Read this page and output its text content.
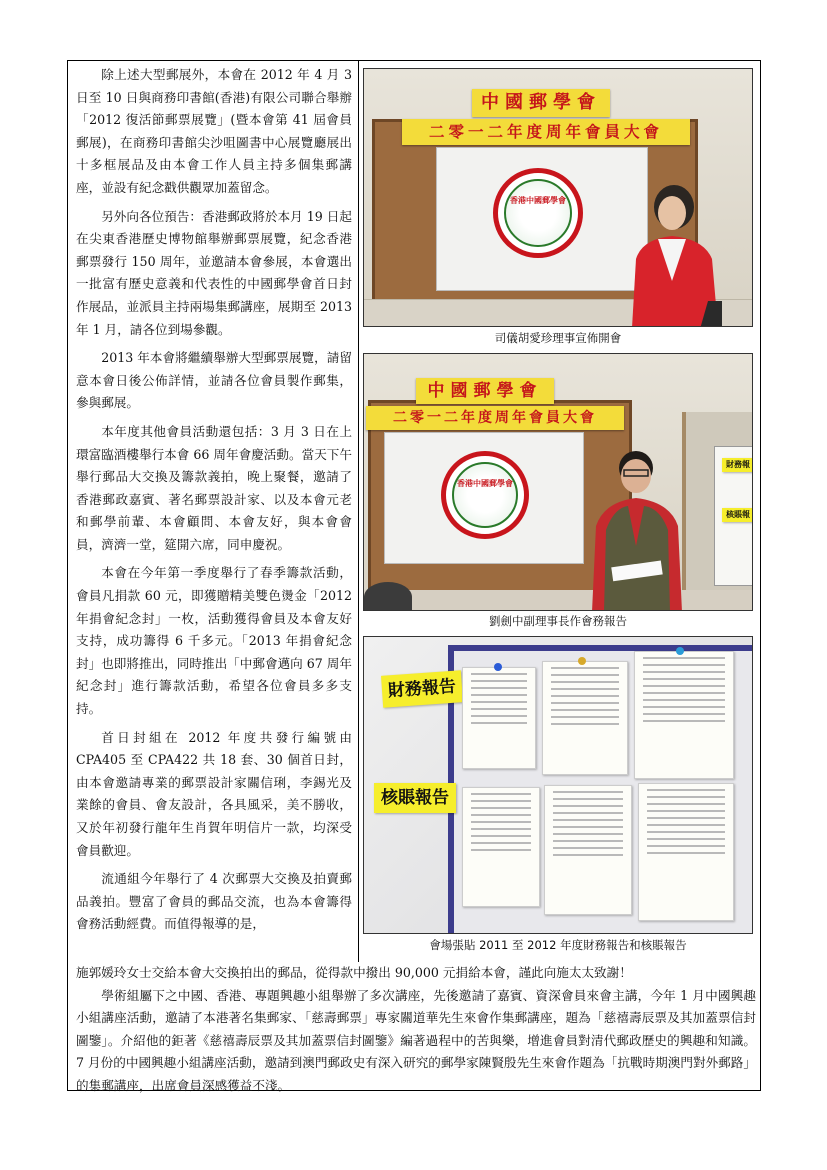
除上述大型郵展外，本會在 2012 年 4 月 3 日至 10 日與商務印書館(香港)有限公司聯合舉辦「2012 復活節郵票展覽」(暨本會第 41 屆會員郵展)，在商務印書館尖沙咀圖書中心展覽廳展出十多框展品及由本會工作人員主持多個集郵講座，並設有紀念戳供觀眾加蓋留念。

另外向各位預告：香港郵政將於本月 19 日起在尖東香港歷史博物館舉辦郵票展覽，紀念香港郵票發行 150 周年，並邀請本會參展，本會選出一批富有歷史意義和代表性的中國郵學會首日封作展品，並派員主持兩場集郵講座，展期至 2013 年 1 月，請各位到場參觀。

2013 年本會將繼續舉辦大型郵票展覽，請留意本會日後公佈詳情，並請各位會員製作郵集，參與郵展。

本年度其他會員活動還包括：3 月 3 日在上環富臨酒樓舉行本會 66 周年會慶活動。當天下午舉行郵品大交換及籌款義拍，晚上聚餐，邀請了香港郵政嘉賓、著名郵票設計家、以及本會元老和郵學前輩、本會顧問、本會友好，與本會會員，濟濟一堂，筵開六席，同申慶祝。

本會在今年第一季度舉行了春季籌款活動，會員凡捐款 60 元，即獲贈精美雙色燙金「2012 年捐會紀念封」一枚，活動獲得會員及本會友好支持，成功籌得 6 千多元。「2013 年捐會紀念封」也即將推出，同時推出「中郵會邁向 67 周年紀念封」進行籌款活動，希望各位會員多多支持。

首日封組在 2012 年度共發行編號由 CPA405 至 CPA422 共 18 套、30 個首日封，由本會邀請專業的郵票設計家關信琍，李錫光及業餘的會員、會友設計，各具風采，美不勝收，又於年初發行龍年生肖賀年明信片一款，均深受會員歡迎。

流通組今年舉行了 4 次郵票大交換及拍賣郵品義拍。豐富了會員的郵品交流，也為本會籌得會務活動經費。而值得報導的是，

中國郵學會
二零一二年度周年會員大會
香港中國郵學會
司儀胡愛珍理事宣佈開會
財務報
核賬報
中國郵學會
二零一二年度周年會員大會
香港中國郵學會
劉劍中副理事長作會務報告
財務報告
核賬報告
會場張貼 2011 至 2012 年度財務報告和核賬報告

施郭媛玲女士交給本會大交換拍出的郵品，從得款中撥出 90,000 元捐給本會，謹此向施太太致謝！

學術組屬下之中國、香港、專題興趣小組舉辦了多次講座，先後邀請了嘉賓、資深會員來會主講，今年 1 月中國興趣小組講座活動，邀請了本港著名集郵家、「慈壽郵票」專家關道華先生來會作集郵講座，題為「慈禧壽辰票及其加蓋票信封圖鑒」。介紹他的鉅著《慈禧壽辰票及其加蓋票信封圖鑒》編著過程中的苦與樂，增進會員對清代郵政歷史的興趣和知識。7 月份的中國興趣小組講座活動，邀請到澳門郵政史有深入研究的郵學家陳賢殷先生來會作題為「抗戰時期澳門對外郵路」的集郵講座，出席會員深感獲益不淺。
